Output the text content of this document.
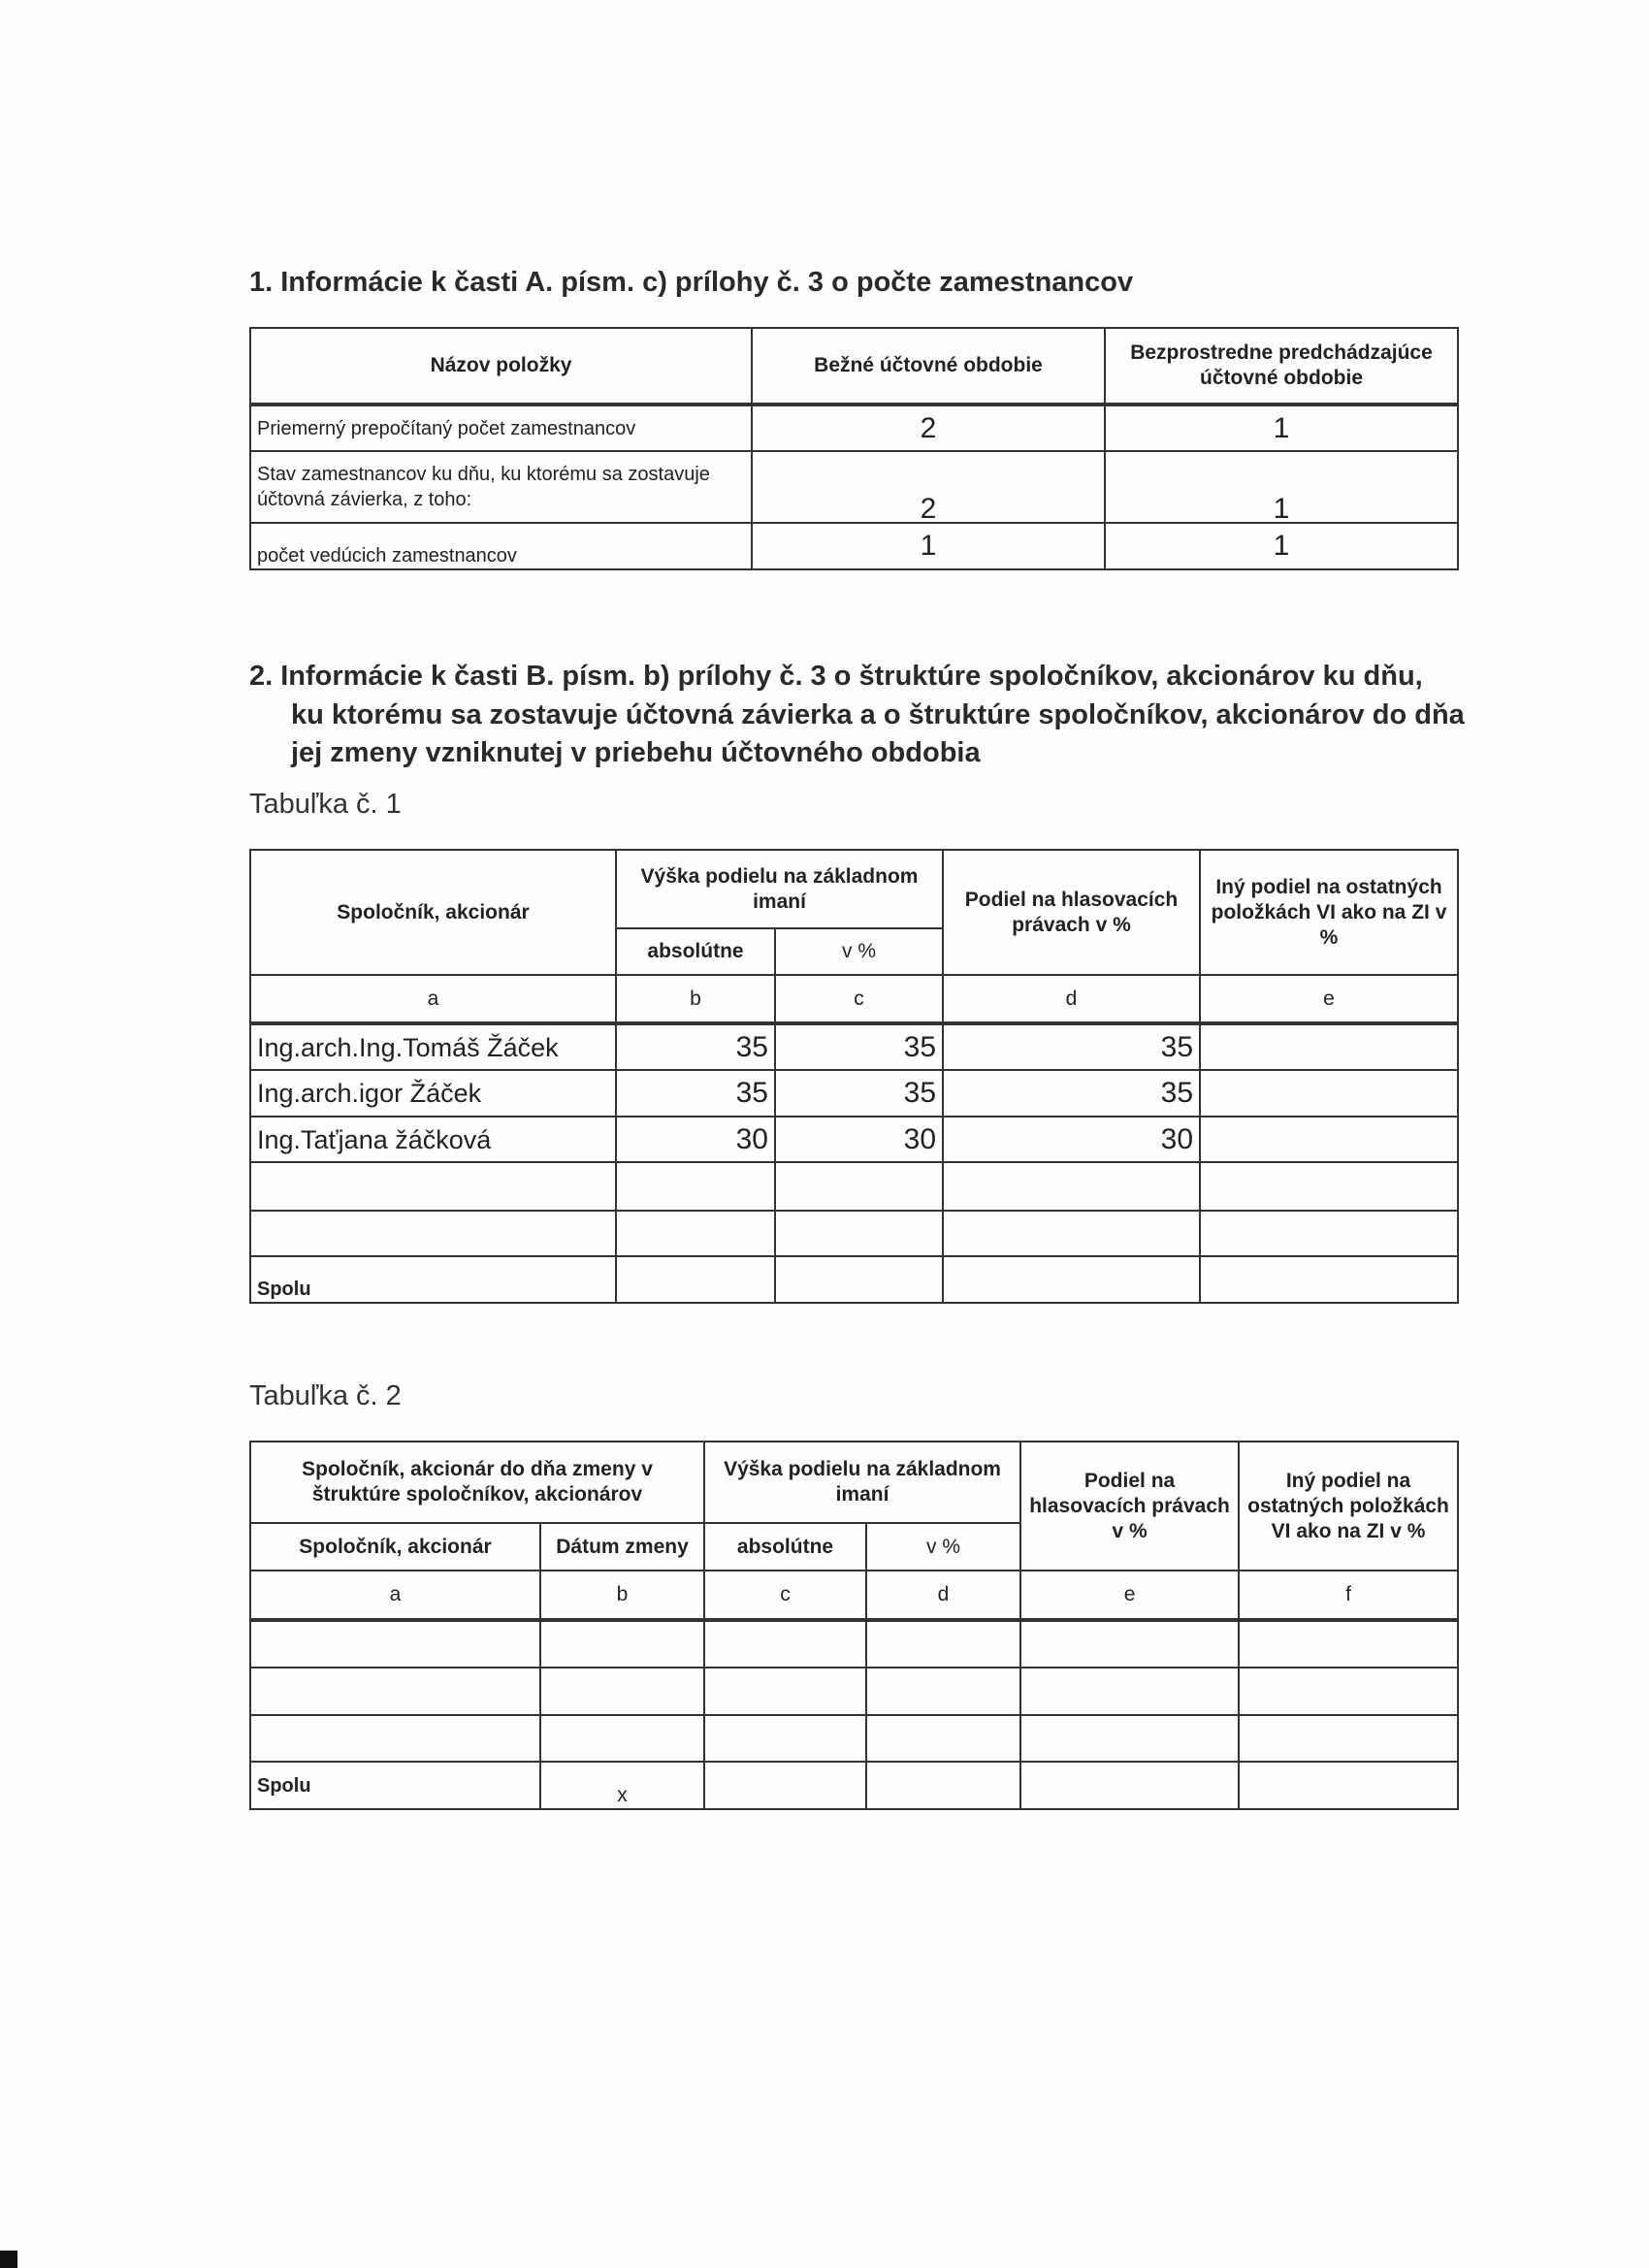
1. Informácie k časti A. písm. c) prílohy č. 3 o počte zamestnancov
Názov položky	Bežné účtovné obdobie	Bezprostredne predchádzajúce účtovné obdobie
Priemerný prepočítaný počet zamestnancov	2	1
Stav zamestnancov ku dňu, ku ktorému sa zostavuje účtovná závierka, z toho:	2	1
počet vedúcich zamestnancov	1	1
2. Informácie k časti B. písm. b) prílohy č. 3 o štruktúre spoločníkov, akcionárov ku dňu,
ku ktorému sa zostavuje účtovná závierka a o štruktúre spoločníkov, akcionárov do dňa
jej zmeny vzniknutej v priebehu účtovného obdobia
Tabuľka č. 1
Spoločník, akcionár	Výška podielu na základnom imaní		Podiel na hlasovacích právach v %	Iný podiel na ostatných položkách VI ako na ZI v %
	absolútne	v %		
a	b	c	d	e
Ing.arch.Ing.Tomáš Žáček	35	35	35	
Ing.arch.igor Žáček	35	35	35	
Ing.Taťjana žáčková	30	30	30	

Spolu				
Tabuľka č. 2
Spoločník, akcionár do dňa zmeny v štruktúre spoločníkov, akcionárov		Výška podielu na základnom imaní		Podiel na hlasovacích právach v %	Iný podiel na ostatných položkách VI ako na ZI v %
Spoločník, akcionár	Dátum zmeny	absolútne	v %		
a	b	c	d	e	f

Spolu	x				
